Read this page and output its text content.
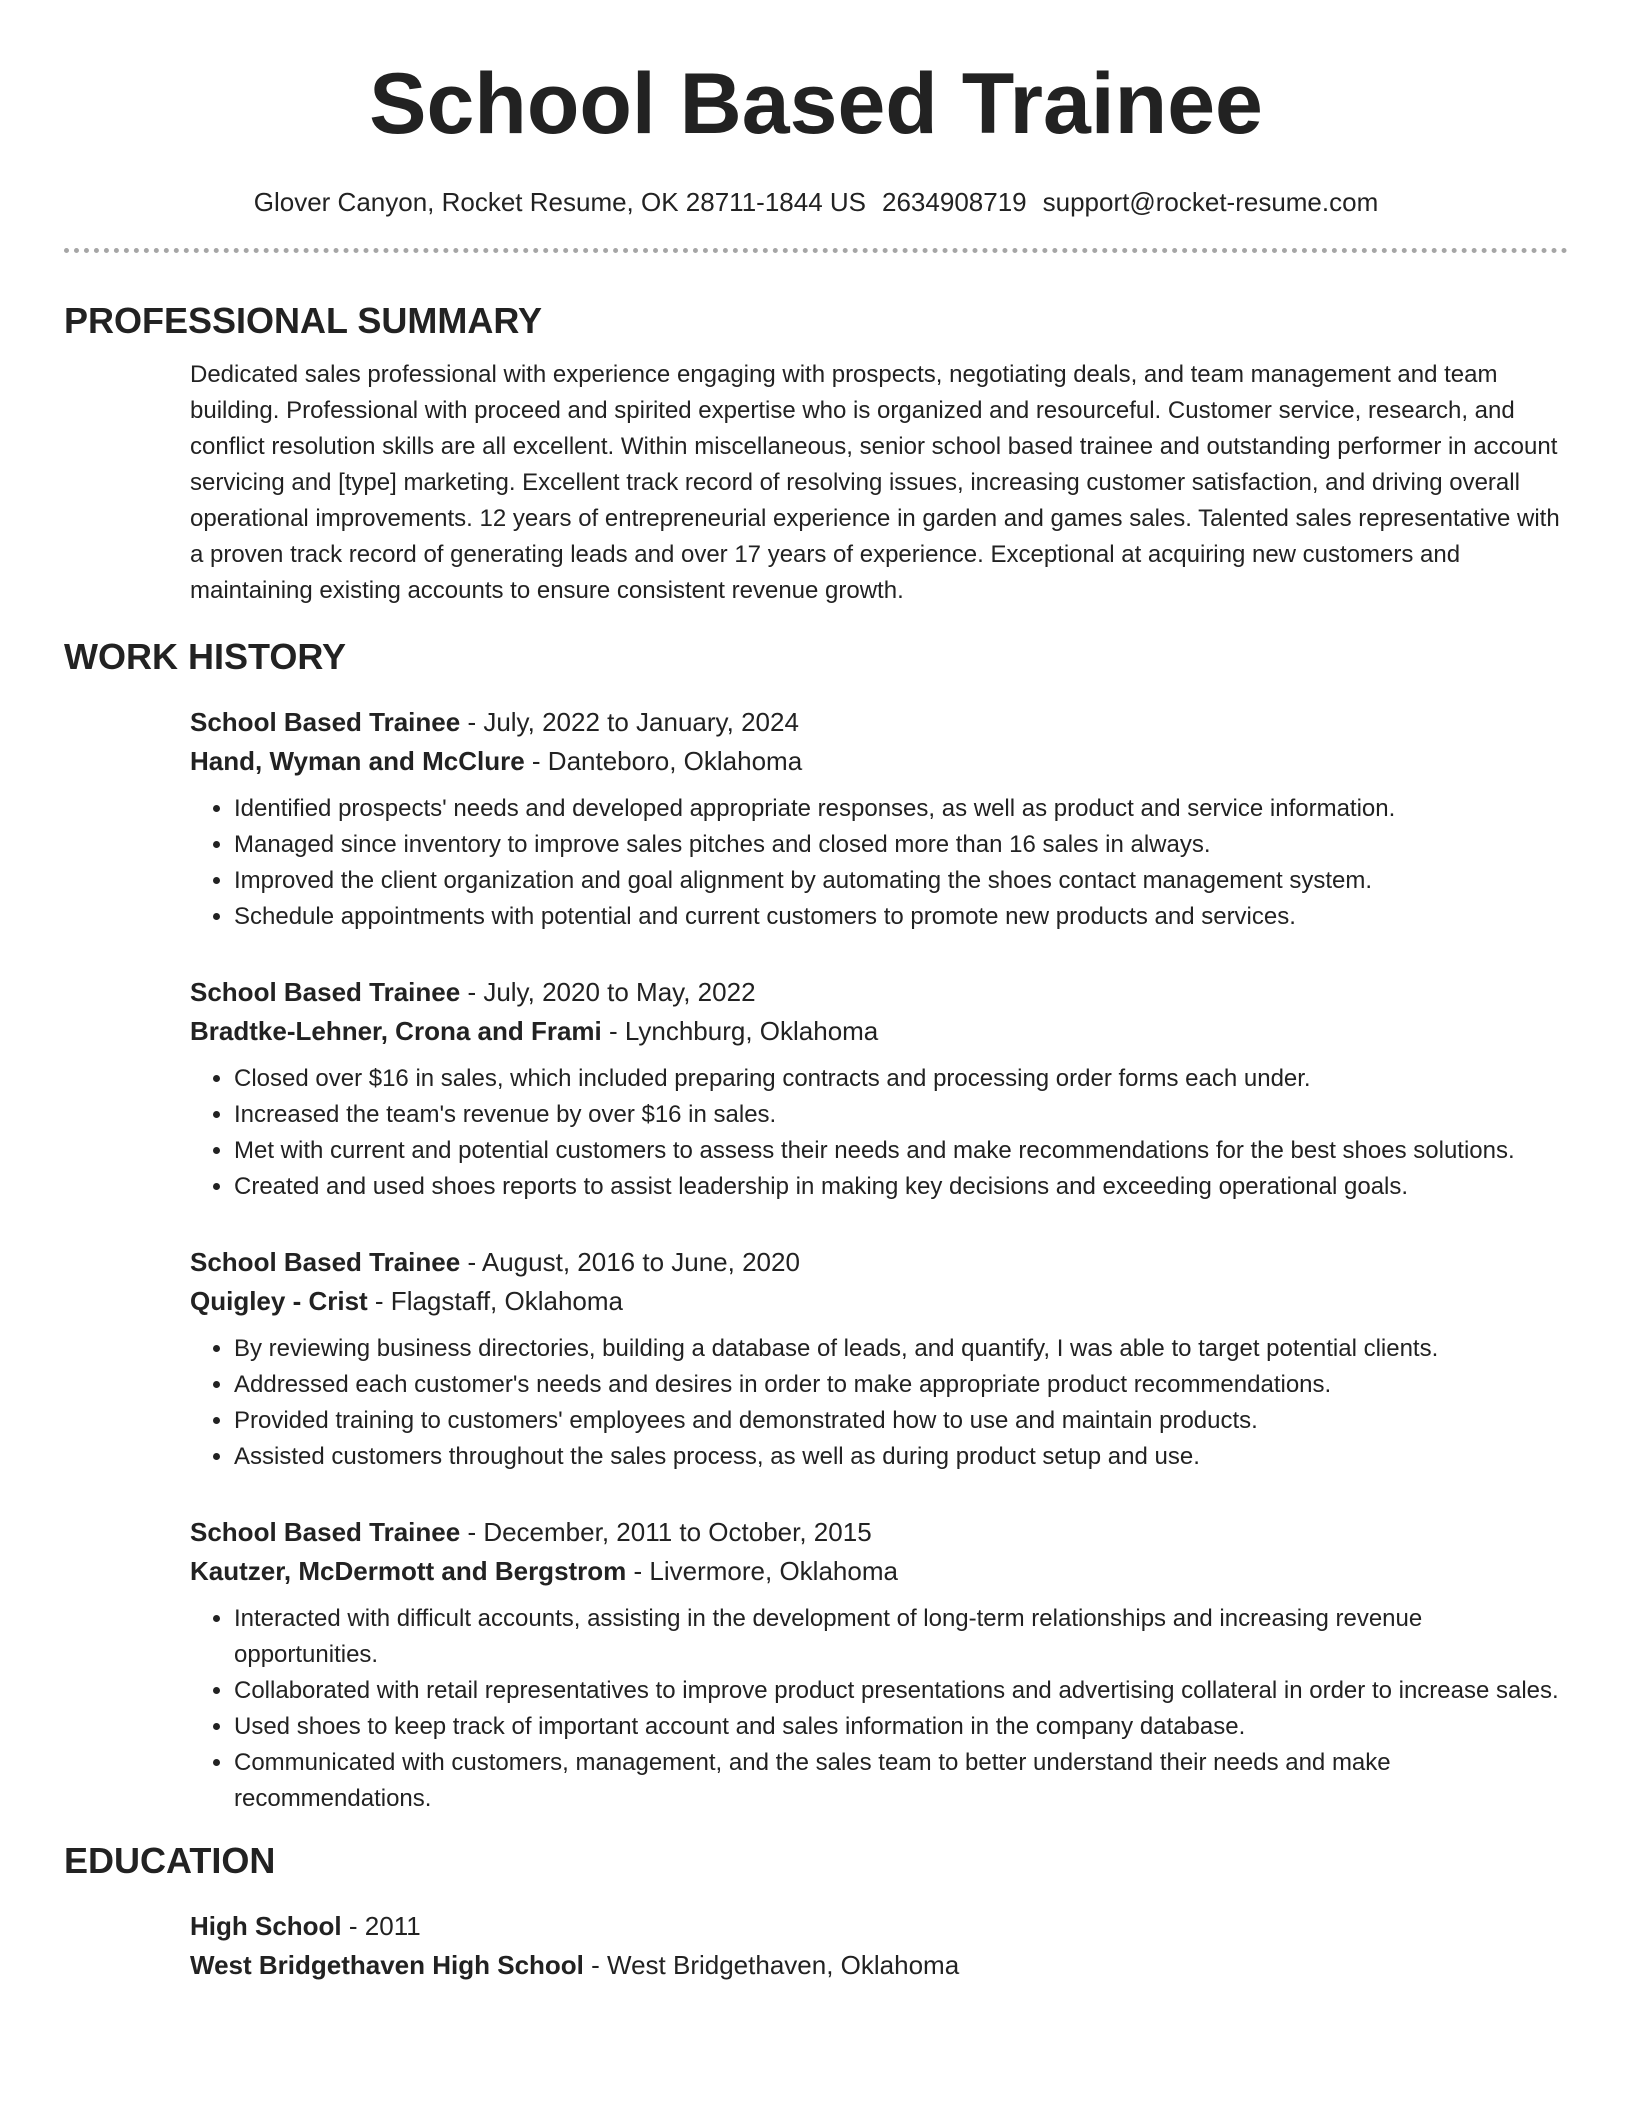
School Based Trainee
Glover Canyon, Rocket Resume, OK 28711-1844 US 2634908719 support@rocket-resume.com
PROFESSIONAL SUMMARY

Dedicated sales professional with experience engaging with prospects, negotiating deals, and team management and team building. Professional with proceed and spirited expertise who is organized and resourceful. Customer service, research, and conflict resolution skills are all excellent. Within miscellaneous, senior school based trainee and outstanding performer in account servicing and [type] marketing. Excellent track record of resolving issues, increasing customer satisfaction, and driving overall operational improvements. 12 years of entrepreneurial experience in garden and games sales. Talented sales representative with a proven track record of generating leads and over 17 years of experience. Exceptional at acquiring new customers and maintaining existing accounts to ensure consistent revenue growth.

WORK HISTORY
School Based Trainee - July, 2022 to January, 2024
Hand, Wyman and McClure - Danteboro, Oklahoma
• Identified prospects' needs and developed appropriate responses, as well as product and service information.
• Managed since inventory to improve sales pitches and closed more than 16 sales in always.
• Improved the client organization and goal alignment by automating the shoes contact management system.
• Schedule appointments with potential and current customers to promote new products and services.
School Based Trainee - July, 2020 to May, 2022
Bradtke-Lehner, Crona and Frami - Lynchburg, Oklahoma
• Closed over $16 in sales, which included preparing contracts and processing order forms each under.
• Increased the team's revenue by over $16 in sales.
• Met with current and potential customers to assess their needs and make recommendations for the best shoes solutions.
• Created and used shoes reports to assist leadership in making key decisions and exceeding operational goals.
School Based Trainee - August, 2016 to June, 2020
Quigley - Crist - Flagstaff, Oklahoma
• By reviewing business directories, building a database of leads, and quantify, I was able to target potential clients.
• Addressed each customer's needs and desires in order to make appropriate product recommendations.
• Provided training to customers' employees and demonstrated how to use and maintain products.
• Assisted customers throughout the sales process, as well as during product setup and use.
School Based Trainee - December, 2011 to October, 2015
Kautzer, McDermott and Bergstrom - Livermore, Oklahoma
• Interacted with difficult accounts, assisting in the development of long-term relationships and increasing revenue opportunities.
• Collaborated with retail representatives to improve product presentations and advertising collateral in order to increase sales.
• Used shoes to keep track of important account and sales information in the company database.
• Communicated with customers, management, and the sales team to better understand their needs and make recommendations.
EDUCATION
High School - 2011
West Bridgethaven High School - West Bridgethaven, Oklahoma
